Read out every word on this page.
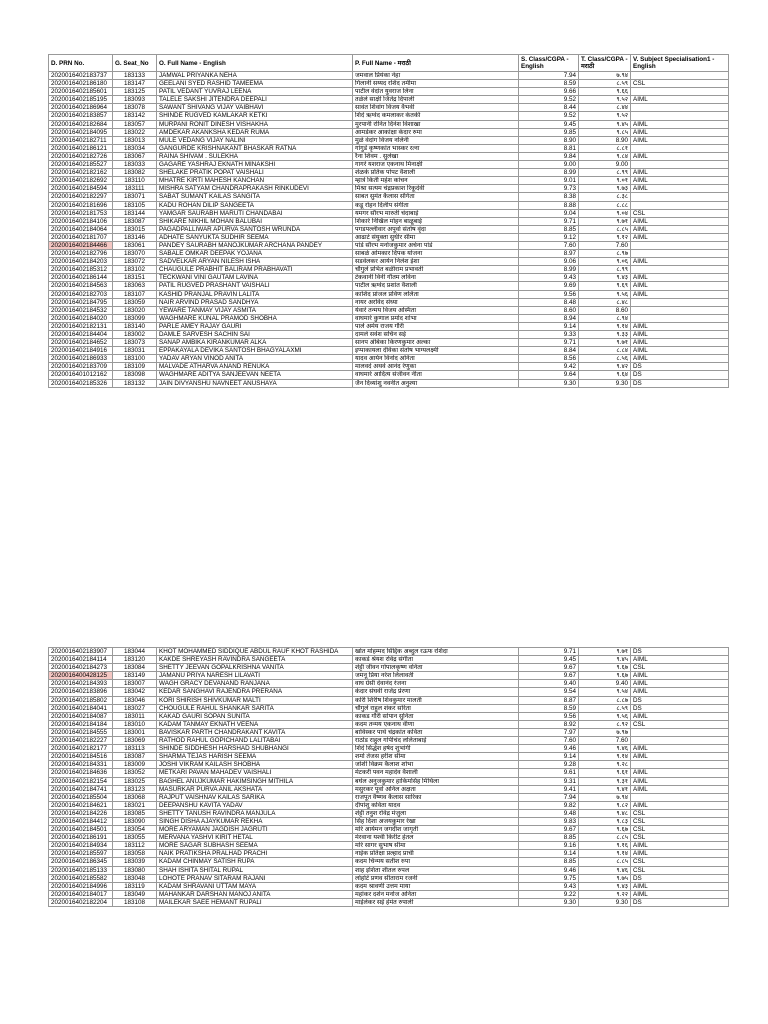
D. PRN No.	G. Seat_No	O. Full Name - English	P. Full Name - मराठी	S. Class/CGPA - English	T. Class/CGPA - मराठी	V. Subject Specialisation1 - English
2020016402183737	183133	JAMWAL PRIYANKA NEHA	जमवाल प्रियंका नेहा	7.94	७.९४	
2020016402186180	183147	GEELANI SYED RASHID TAMEEMA	गिलानी सय्यद रशिद तमीमा	8.59	८.५९	CSL
2020016402185601	183125	PATIL VEDANT YUVRAJ LEENA	पाटील वेदांत युवराज लिना	9.66	९.६६	
2020016402185195	183093	TALELE SAKSHI JITENDRA DEEPALI	तळेले साक्षी जितेंद्र दिपाली	9.52	९.५२	AIML
2020016402186964	183078	SAWANT SHIVANG VIJAY VAIBHAVI	सावंत शिवांग विजय वैभवी	8.44	८.४४	
2020016402183857	183142	SHINDE RUGVED KAMLAKAR KETKI	शिंदे ऋग्वेद कमलाकर केतकी	9.52	९.५२	
2020016402182684	183057	MURPANI RONIT DINESH VISHAKHA	मुरपानी रोनित दिनेश विशाखा	9.45	९.४५	AIML
2020016402184095	183022	AMDEKAR AKANKSHA KEDAR RUMA	आमडेकर आकांक्षा केदार रुमा	9.85	९.८५	AIML
2020016402182711	183013	MULE VEDANG VIJAY NALINI	मुळे वेदांग विजय नलिनी	8.90	8.90	AIML
2020016402186121	183034	GANGURDE KRISHNAKANT BHASKAR RATNA	गांगुर्डे कृष्णकांत भास्कर रत्ना	8.81	८.८१	
2020016402182726	183067	RAINA SHIVAM . SULEKHA	रैना शिवम . सुलेखा	9.84	९.८४	AIML
2020016402185527	183033	GAGARE YASHRAJ EKNATH MINAKSHI	गागरे यशराज एकनाथ मिनाक्षी	9.00	9.00	
2020016402182162	183082	SHELAKE PRATIK POPAT VAISHALI	शेळके प्रतिक पोपट वैशाली	8.99	८.९९	AIML
2020016402182692	183110	MHATRE KIRTI MAHESH KANCHAN	म्हात्रे किर्ती महेश कांचन	9.01	९.०१	AIML
2020016402184594	183111	MISHRA SATYAM CHANDRAPRAKASH RINKUDEVI	मिश्रा सत्यम चंद्रप्रकाश रिंकूदेवी	9.73	९.७३	AIML
2020016402182297	183071	SABAT SUMANT KAILAS SANGITA	साबत सुमंत कैलास संगिता	8.38	८.३८	
2020016402181696	183105	KADU ROHAN DILIP SANGEETA	कडू रोहन दिलीप संगीता	8.88	८.८८	
2020016402181753	183144	YAMGAR SAURABH MARUTI CHANDABAI	यमगर सौरभ मारुती चंदाबाई	9.04	९.०४	CSL
2020016402184106	183087	SHIKARE NIKHIL MOHAN BALUBAI	शिकारे निखिल मोहन बाळूबाई	9.71	९.७१	AIML
2020016402184064	183015	PAGADPALLIWAR APURVA SANTOSH WRUNDA	पगडपल्लीवार अपूर्वा संतोष वृंदा	8.85	८.८५	AIML
2020016402181707	183146	ADHATE SANYUKTA SUDHIR SEEMA	आढाटे संयुक्ता सुधीर सीमा	9.12	९.१२	AIML
2020016402184466	183061	PANDEY SAURABH MANOJKUMAR ARCHANA PANDEY	पांडे सौरभ मनोजकुमार अर्चना पांडे	7.60	7.60	
2020016402182796	183070	SABALE OMKAR DEEPAK YOJANA	साबळे ओमकार दिपक योजना	8.97	८.९७	
2020016402184203	183072	SADVELKAR ARYAN NILESH ISHA	सडवेलकर आर्यन निलेश ईशा	9.06	९.०६	AIML
2020016402185312	183102	CHAUGULE PRABHIT BALIRAM PRABHAVATI	चौगुले प्रभित बळीराम प्रभावती	8.99	८.९९	
2020016402186144	183151	TECKWANI VINI GAUTAM LAVINA	टेकवानी विनी गौतम लविना	9.43	९.४३	AIML
2020016402184563	183063	PATIL RUGVED PRASHANT VAISHALI	पाटील ऋग्वेद प्रशांत वैशाली	9.69	९.६९	AIML
2020016402182703	183107	KASHID PRANJAL PRAVIN LALITA	काशिद प्रांजल प्रविण ललिता	9.56	९.५६	AIML
2020016402184795	183059	NAIR ARVIND PRASAD SANDHYA	नायर अरविंद संध्या	8.48	८.४८	
2020016402184532	183020	YEWARE TANMAY VIJAY ASMITA	येवारे तन्मय विजय अस्मिता	8.60	8.60	
2020016402184020	183099	WAGHMARE KUNAL PRAMOD SHOBHA	वाघमारे कुणाल प्रमोद शोभा	8.94	८.९४	
2020016402182131	183140	PARLE AMEY RAJAY GAURI	पार्ले अमेय राजय गौरी	9.14	९.१४	AIML
2020016402184404	183002	DAMLE SARVESH SACHIN SAI	दामले सर्वेश सचिन सई	9.33	९.३३	AIML
2020016402184652	183073	SANAP AMBIKA KIRANKUMAR ALKA	सानप अंबिका किरणकुमार अल्का	9.71	९.७१	AIML
2020016402184916	183031	EPPAKAYALA DEVIKA SANTOSH BHAGYALAXMI	इप्पाकायला देविका संतोष भाग्यलक्ष्मी	8.84	८.८४	AIML
2020016402186933	183100	YADAV ARYAN VINOD ANITA	यादव आर्यन विनोद अनिता	8.56	८.५६	AIML
2020016402183709	183109	MALVADE ATHARVA ANAND RENUKA	मालवदे अथर्व आनंद रेणुका	9.42	९.४२	DS
2020016401012162	183098	WAGHMARE ADITYA SANJEEVAN NEETA	वाघमारे आदित्य संजीवन नीता	9.64	९.६४	DS
2020016402185326	183132	JAIN DIVYANSHU NAVNEET ANUSHAYA	जैन दिव्यांशु नवनीत अनुश्या	9.30	9.30	DS
2020016402183907	183044	KHOT MOHAMMED SIDDIQUE ABDUL RAUF KHOT RASHIDA	खोत मोहम्मद सिद्दिक अब्दुल रऊफ रशिदा	9.71	९.७१	DS
2020016402184114	183120	KAKDE SHREYASH RAVINDRA SANGEETA	काकडे श्रेयश रविंद्र संगीता	9.45	९.४५	AIML
2020016402184273	183084	SHETTY JEEVAN GOPALKRISHNA VANITA	शेट्टी जीवन गोपालकृष्ण वनिता	9.67	९.६७	CSL
2020016400428125	183149	JAMANU PRIYA NARESH LILAVATI	जमनू प्रिया नरेश लिलावती	9.67	९.६७	AIML
2020016402184393	183007	WAGH GRACY DEVANAND RANJANA	वाघ ग्रेसी देवानंद रंजना	9.40	9.40	AIML
2020016402183896	183042	KEDAR SANGHAVI RAJENDRA PRERANA	केदार संघवी राजेंद्र प्रेरणा	9.54	९.५४	AIML
2020016402185802	183046	KORI SHIRISH SHIVKUMAR MALTI	कोरी शिरीष शिवकुमार मालती	8.87	८.८७	DS
2020016402184041	183027	CHOUGULE RAHUL SHANKAR SARITA	चौगुले राहुल शंकर सरिता	8.59	८.५९	DS
2020016402184087	183011	KAKAD GAURI SOPAN SUNITA	काकड गौरी सोपान सुनिता	9.56	९.५६	AIML
2020016402184184	183010	KADAM TANMAY EKNATH VEENA	कदम तन्मय एकनाथ वीणा	8.92	८.९२	CSL
2020016402184555	183001	BAVISKAR PARTH CHANDRAKANT KAVITA	बाविस्कर पार्थ चंद्रकांत कविता	7.97	७.९७	
2020016402182227	183069	RATHOD RAHUL GOPICHAND LALITABAI	राठोड राहुल गोपीचंद ललिताबाई	7.60	7.60	
2020016402182177	183113	SHINDE SIDDHESH HARSHAD SHUBHANGI	शिंदे सिद्धेश हर्षद शुभांगी	9.46	९.४६	AIML
2020016402184516	183087	SHARMA TEJAS HARISH SEEMA	शर्मा तेजस हरीश सीमा	9.14	९.१४	AIML
2020016402184331	183009	JOSHI VIKRAM KAILASH SHOBHA	जोशी विक्रम कैलाश शोभा	9.28	९.२८	
2020016402184636	183052	METKARI PAVAN MAHADEV VAISHALI	मेटकरी पवन महादेव वैशाली	9.61	९.६१	AIML
2020016402182154	183025	BAGHEL ANUJKUMAR HAKIMSINGH MITHILA	बघेल अनुजकुमार हाकिमसिंह मिथिला	9.31	९.३१	AIML
2020016402184741	183123	MASURKAR PURVA ANIL AKSHATA	मसुरकर पूर्वा अनिल अक्षता	9.41	९.४१	AIML
2020016402185504	183068	RAJPUT VAISHNAV KAILAS SARIKA	राजपूत वैष्णव कैलास सारिका	7.94	७.९४	
2020016402184621	183021	DEEPANSHU KAVITA YADAV	दीपांशु कविता यादव	9.82	९.८२	AIML
2020016402184226	183085	SHETTY TANUSH RAVINDRA MANJULA	शेट्टी तनुश रविंद्र मंजुला	9.48	९.४८	CSL
2020016402184412	183090	SINGH DISHA AJAYKUMAR REKHA	सिंह दिशा अजयकुमार रेखा	9.83	९.८३	CSL
2020016402184501	183054	MORE ARYAMAN JAGDISH JAGRUTI	मोरे आर्यमन जगदीश जागृती	9.67	९.६७	CSL
2020016402186191	183055	MERVANA YASHVI KIRIT HETAL	मेरवाना यश्वी किरीट हेतल	8.85	८.८५	CSL
2020016402184934	183112	MORE SAGAR SUBHASH SEEMA	मोरे सागर सुभाष सीमा	9.16	९.१६	AIML
2020016402185597	183058	NAIK PRATIKSHA PRALHAD PRACHI	नाईक प्रतिक्षा प्रल्हाद प्राची	9.14	९.१४	AIML
2020016402186345	183039	KADAM CHINMAY SATISH RUPA	कदम चिन्मय सतीश रुपा	8.85	८.८५	CSL
2020016402185133	183080	SHAH ISHITA SHITAL RUPAL	शाह इशिता शीतल रुपल	9.46	९.४६	CSL
2020016402185582	183048	LOHOTE PRANAV SITARAM RAJANI	लोहोटे प्रणव सीताराम रजनी	9.75	९.७५	DS
2020016402184996	183119	KADAM SHRAVANI UTTAM MAYA	कदम श्रावणी उत्तम माया	9.43	९.४३	AIML
2020016402184017	183049	MAHANKAR DARSHAN MANOJ ANITA	महांकर दर्शन मनोज अनिता	9.22	९.२२	AIML
2020016402182204	183108	MAILEKAR SAEE HEMANT RUPALI	माईलेकर सई हेमंत रुपाली	9.30	9.30	DS
